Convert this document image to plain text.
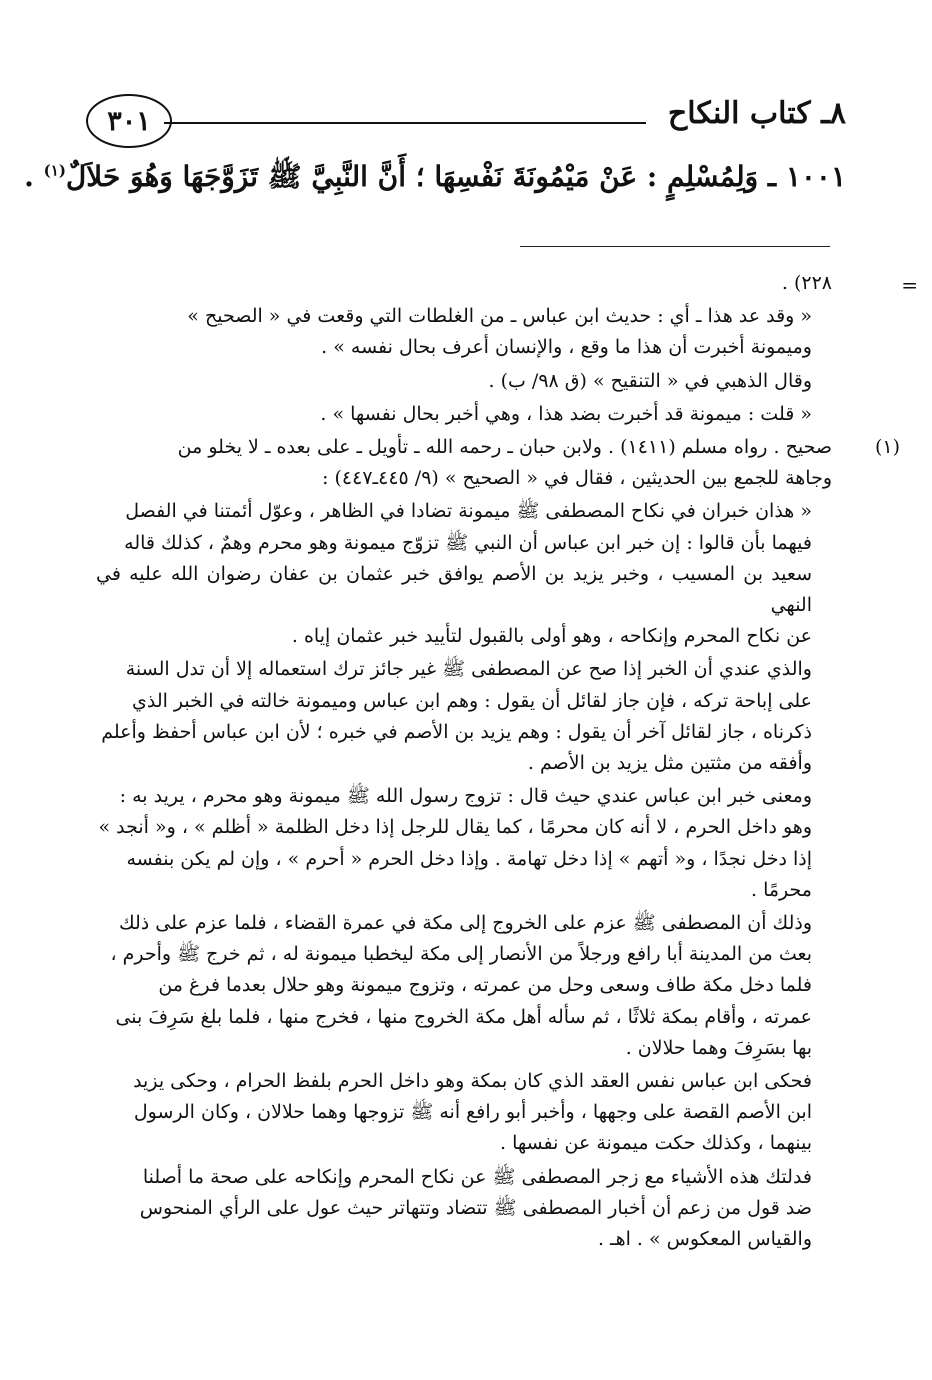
٨ـ كتاب النكاح
٣٠١
١٠٠١ ـ وَلِمُسْلِمٍ : عَنْ مَيْمُونَةَ نَفْسِهَا ؛ أَنَّ النَّبِيَّ ﷺ تَزَوَّجَهَا وَهُوَ حَلاَلٌ$^{(١)}$ .
=
٢٢٨) .
« وقد عد هذا ـ أي : حديث ابن عباس ـ من الغلطات التي وقعت في « الصحيح »
وميمونة أخبرت أن هذا ما وقع ، والإنسان أعرف بحال نفسه » .
وقال الذهبي في « التنقيح » (ق ٩٨/ ب) .
« قلت : ميمونة قد أخبرت بضد هذا ، وهي أخبر بحال نفسها » .
(١)
صحيح . رواه مسلم (١٤١١) . ولابن حبان ـ رحمه الله ـ تأويل ـ على بعده ـ لا يخلو من
وجاهة للجمع بين الحديثين ، فقال في « الصحيح » (٩/ ٤٤٥ـ٤٤٧) :
« هذان خبران في نكاح المصطفى ﷺ ميمونة تضادا في الظاهر ، وعوّل أئمتنا في الفصل
فيهما بأن قالوا : إن خبر ابن عباس أن النبي ﷺ تزوّج ميمونة وهو محرم وهمٌ ، كذلك قاله
سعيد بن المسيب ، وخبر يزيد بن الأصم يوافق خبر عثمان بن عفان رضوان الله عليه في النهي
عن نكاح المحرم وإنكاحه ، وهو أولى بالقبول لتأييد خبر عثمان إياه .
والذي عندي أن الخبر إذا صح عن المصطفى ﷺ غير جائز ترك استعماله إلا أن تدل السنة
على إباحة تركه ، فإن جاز لقائل أن يقول : وهم ابن عباس وميمونة خالته في الخبر الذي
ذكرناه ، جاز لقائل آخر أن يقول : وهم يزيد بن الأصم في خبره ؛ لأن ابن عباس أحفظ وأعلم
وأفقه من مثتين مثل يزيد بن الأصم .
ومعنى خبر ابن عباس عندي حيث قال : تزوج رسول الله ﷺ ميمونة وهو محرم ، يريد به :
وهو داخل الحرم ، لا أنه كان محرمًا ، كما يقال للرجل إذا دخل الظلمة « أظلم » ، و« أنجد »
إذا دخل نجدًا ، و« أتهم » إذا دخل تهامة . وإذا دخل الحرم « أحرم » ، وإن لم يكن بنفسه
محرمًا .
وذلك أن المصطفى ﷺ عزم على الخروج إلى مكة في عمرة القضاء ، فلما عزم على ذلك
بعث من المدينة أبا رافع ورجلاً من الأنصار إلى مكة ليخطبا ميمونة له ، ثم خرج ﷺ وأحرم ،
فلما دخل مكة طاف وسعى وحل من عمرته ، وتزوج ميمونة وهو حلال بعدما فرغ من
عمرته ، وأقام بمكة ثلاثًا ، ثم سأله أهل مكة الخروج منها ، فخرج منها ، فلما بلغ سَرِفَ بنى
بها بسَرِفَ وهما حلالان .
فحكى ابن عباس نفس العقد الذي كان بمكة وهو داخل الحرم بلفظ الحرام ، وحكى يزيد
ابن الأصم القصة على وجهها ، وأخبر أبو رافع أنه ﷺ تزوجها وهما حلالان ، وكان الرسول
بينهما ، وكذلك حكت ميمونة عن نفسها .
فدلتك هذه الأشياء مع زجر المصطفى ﷺ عن نكاح المحرم وإنكاحه على صحة ما أصلنا
ضد قول من زعم أن أخبار المصطفى ﷺ تتضاد وتتهاتر حيث عول على الرأي المنحوس
والقياس المعكوس » . اهـ .
